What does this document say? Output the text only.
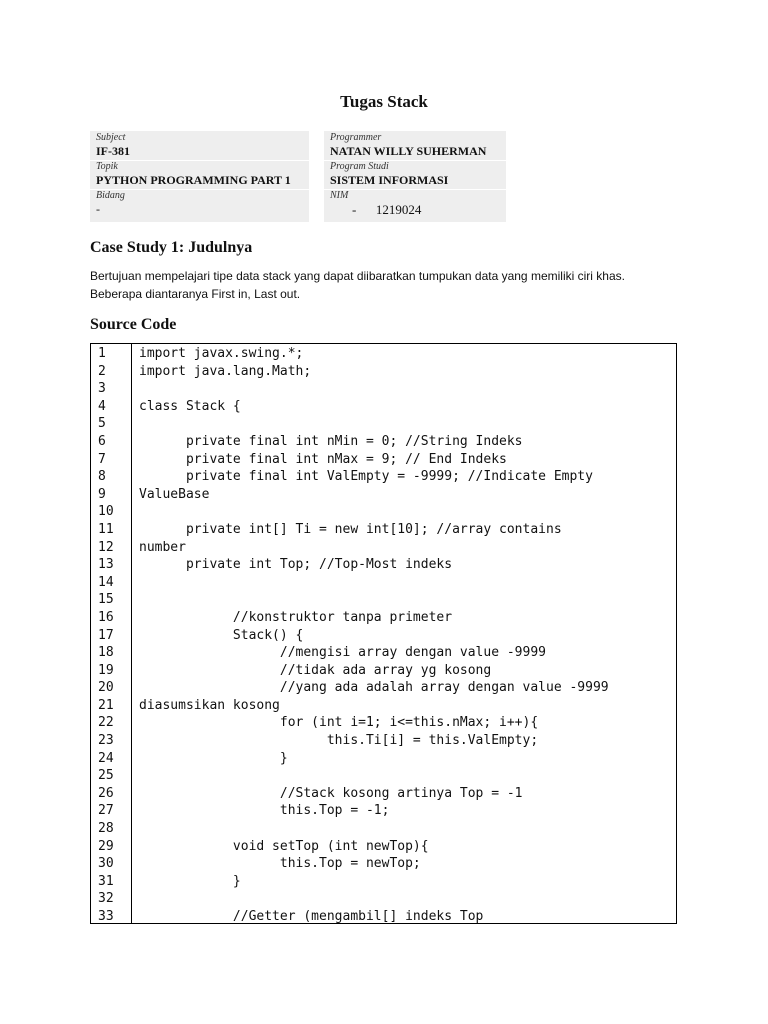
Tugas Stack
Subject
IF-381
Topik
PYTHON PROGRAMMING PART 1
Bidang
-
Programmer
NATAN WILLY SUHERMAN
Program Studi
SISTEM INFORMASI
NIM
-      1219024
Case Study 1: Judulnya
Bertujuan mempelajari tipe data stack yang dapat diibaratkan tumpukan data yang memiliki ciri khas.
Beberapa diantaranya First in, Last out.
Source Code
1
2
3
4
5
6
7
8
9
10
11
12
13
14
15
16
17
18
19
20
21
22
23
24
25
26
27
28
29
30
31
32
33
import javax.swing.*;
import java.lang.Math;
class Stack {
private final int nMin = 0; //String Indeks
private final int nMax = 9; // End Indeks
private final int ValEmpty = -9999; //Indicate Empty
ValueBase
private int[] Ti = new int[10]; //array contains
number
private int Top; //Top-Most indeks
//konstruktor tanpa primeter
Stack() {
//mengisi array dengan value -9999
//tidak ada array yg kosong
//yang ada adalah array dengan value -9999
diasumsikan kosong
for (int i=1; i<=this.nMax; i++){
this.Ti[i] = this.ValEmpty;
}
//Stack kosong artinya Top = -1
this.Top = -1;
void setTop (int newTop){
this.Top = newTop;
}
//Getter (mengambil[] indeks Top
